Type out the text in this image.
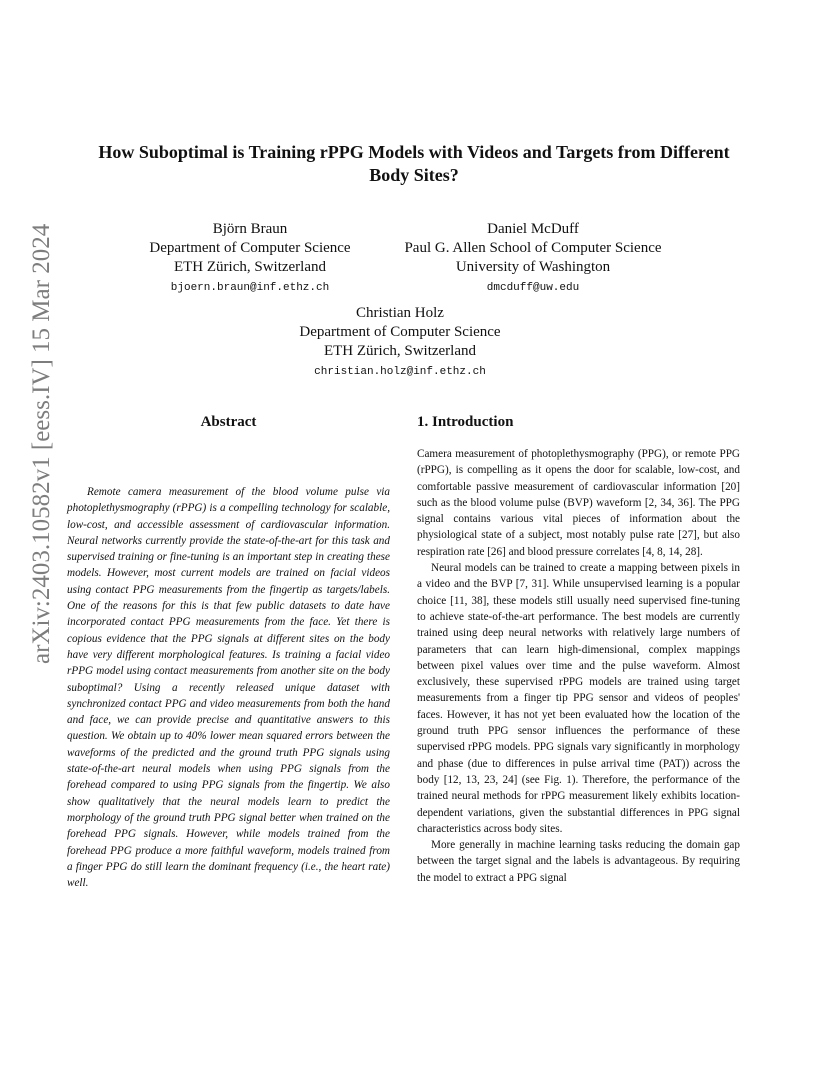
arXiv:2403.10582v1 [eess.IV] 15 Mar 2024
How Suboptimal is Training rPPG Models with Videos and Targets from Different Body Sites?
Björn Braun
Department of Computer Science
ETH Zürich, Switzerland
bjoern.braun@inf.ethz.ch
Daniel McDuff
Paul G. Allen School of Computer Science
University of Washington
dmcduff@uw.edu
Christian Holz
Department of Computer Science
ETH Zürich, Switzerland
christian.holz@inf.ethz.ch
Abstract
Remote camera measurement of the blood volume pulse via photoplethysmography (rPPG) is a compelling technology for scalable, low-cost, and accessible assessment of cardiovascular information. Neural networks currently provide the state-of-the-art for this task and supervised training or fine-tuning is an important step in creating these models. However, most current models are trained on facial videos using contact PPG measurements from the fingertip as targets/labels. One of the reasons for this is that few public datasets to date have incorporated contact PPG measurements from the face. Yet there is copious evidence that the PPG signals at different sites on the body have very different morphological features. Is training a facial video rPPG model using contact measurements from another site on the body suboptimal? Using a recently released unique dataset with synchronized contact PPG and video measurements from both the hand and face, we can provide precise and quantitative answers to this question. We obtain up to 40% lower mean squared errors between the waveforms of the predicted and the ground truth PPG signals using state-of-the-art neural models when using PPG signals from the forehead compared to using PPG signals from the fingertip. We also show qualitatively that the neural models learn to predict the morphology of the ground truth PPG signal better when trained on the forehead PPG signals. However, while models trained from the forehead PPG produce a more faithful waveform, models trained from a finger PPG do still learn the dominant frequency (i.e., the heart rate) well.
1. Introduction

Camera measurement of photoplethysmography (PPG), or remote PPG (rPPG), is compelling as it opens the door for scalable, low-cost, and comfortable passive measurement of cardiovascular information [20] such as the blood volume pulse (BVP) waveform [2, 34, 36]. The PPG signal contains various vital pieces of information about the physiological state of a subject, most notably pulse rate [27], but also respiration rate [26] and blood pressure correlates [4, 8, 14, 28].

Neural models can be trained to create a mapping between pixels in a video and the BVP [7, 31]. While unsupervised learning is a popular choice [11, 38], these models still usually need supervised fine-tuning to achieve state-of-the-art performance. The best models are currently trained using deep neural networks with relatively large numbers of parameters that can learn high-dimensional, complex mappings between pixel values over time and the pulse waveform. Almost exclusively, these supervised rPPG models are trained using target measurements from a finger tip PPG sensor and videos of peoples' faces. However, it has not yet been evaluated how the location of the ground truth PPG sensor influences the performance of these supervised rPPG models. PPG signals vary significantly in morphology and phase (due to differences in pulse arrival time (PAT)) across the body [12, 13, 23, 24] (see Fig. 1). Therefore, the performance of the trained neural methods for rPPG measurement likely exhibits location-dependent variations, given the substantial differences in PPG signal characteristics across body sites.

More generally in machine learning tasks reducing the domain gap between the target signal and the labels is advantageous. By requiring the model to extract a PPG signal
